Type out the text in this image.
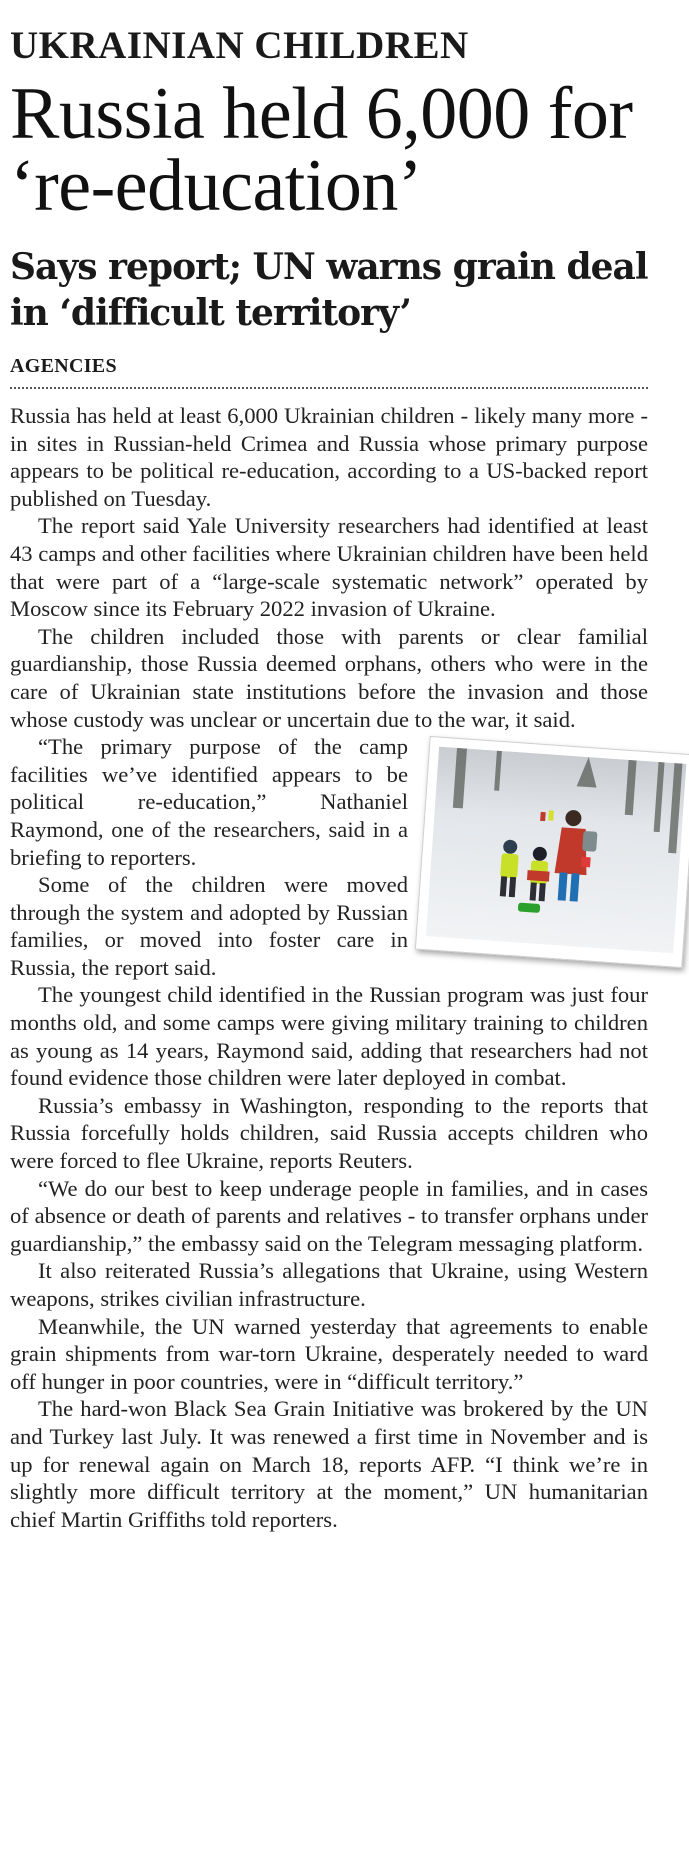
UKRAINIAN CHILDREN
Russia held 6,000 for ‘re-education’
Says report; UN warns grain deal in ‘difficult territory’
AGENCIES

Russia has held at least 6,000 Ukrainian children - likely many more - in sites in Russian-held Crimea and Russia whose primary purpose appears to be political re-education, according to a US-backed report published on Tuesday.

The report said Yale University researchers had identified at least 43 camps and other facilities where Ukrainian children have been held that were part of a “large-scale systematic network” operated by Moscow since its February 2022 invasion of Ukraine.

The children included those with parents or clear familial guardianship, those Russia deemed orphans, others who were in the care of Ukrainian state institutions before the invasion and those whose custody was unclear or uncertain due to the war, it said.

“The primary purpose of the camp facilities we’ve identified appears to be political re-education,” Nathaniel Raymond, one of the researchers, said in a briefing to reporters.

Some of the children were moved through the system and adopted by Russian families, or moved into foster care in Russia, the report said.

The youngest child identified in the Russian program was just four months old, and some camps were giving military training to children as young as 14 years, Raymond said, adding that researchers had not found evidence those children were later deployed in combat.

Russia’s embassy in Washington, responding to the reports that Russia forcefully holds children, said Russia accepts children who were forced to flee Ukraine, reports Reuters.

“We do our best to keep underage people in families, and in cases of absence or death of parents and relatives - to transfer orphans under guardianship,” the embassy said on the Telegram messaging platform.

It also reiterated Russia’s allegations that Ukraine, using Western weapons, strikes civilian infrastructure.

Meanwhile, the UN warned yesterday that agreements to enable grain shipments from war-torn Ukraine, desperately needed to ward off hunger in poor countries, were in “difficult territory.”

The hard-won Black Sea Grain Initiative was brokered by the UN and Turkey last July. It was renewed a first time in November and is up for renewal again on March 18, reports AFP. “I think we’re in slightly more difficult territory at the moment,” UN humanitarian chief Martin Griffiths told reporters.
